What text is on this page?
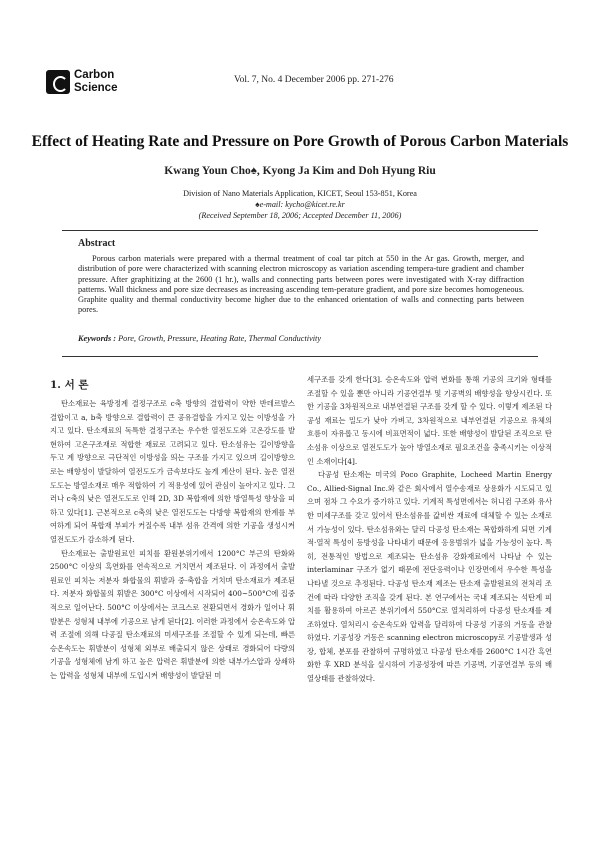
Carbon
Science
Vol. 7, No. 4 December 2006 pp. 271-276
Effect of Heating Rate and Pressure on Pore Growth of Porous Carbon Materials
Kwang Youn Cho♠, Kyong Ja Kim and Doh Hyung Riu
Division of Nano Materials Application, KICET, Seoul 153-851, Korea
♠e-mail: kycho@kicet.re.kr
(Received September 18, 2006; Accepted December 11, 2006)
Abstract
Porous carbon materials were prepared with a thermal treatment of coal tar pitch at 550 in the Ar gas. Growth, merger, and distribution of pore were characterized with scanning electron microscopy as variation ascending tempera-ture gradient and chamber pressure. After graphitizing at the 2600 (1 hr.), walls and connecting parts between pores were investigated with X-ray diffraction patterns. Wall thickness and pore size decreases as increasing ascending tem-perature gradient, and pore size becomes homogeneous. Graphite quality and thermal conductivity become higher due to the enhanced orientation of walls and connecting parts between pores.
Keywords : Pore, Growth, Pressure, Heating Rate, Thermal Conductivity
1. 서 론

탄소재료는 육방정계 결정구조로 c축 방향의 결합력이 약한 반데르발스 결합이고 a, b축 방향으로 결합력이 큰 공유결합을 가지고 있는 이방성을 가지고 있다. 탄소재료의 독특한 결정구조는 우수한 열전도도와 고온강도를 발현하여 고온구조재로 적합한 재료로 고려되고 있다. 탄소섬유는 길이방향을 두고 계 방향으로 극단적인 이방성을 띄는 구조를 가지고 있으며 길이방향으로는 배향성이 발달하여 열전도도가 금속보다도 높게 계산이 된다. 높은 열전도도는 방열소재로 매우 적합하여 기 적용성에 있어 관심이 높아지고 있다. 그러나 c축의 낮은 열전도도로 인해 2D, 3D 복합재에 의한 방열특성 향상을 피하고 있다[1]. 근본적으로 c축의 낮은 열전도도는 다방향 복합재의 한계를 부여하게 되어 복합재 부피가 커질수록 내부 섬유 간격에 의한 기공을 생성시켜 열전도도가 감소하게 된다.

탄소재료는 출발원료인 피치를 환원분위기에서 1200°C 부근의 탄화와 2500°C 이상의 흑연화를 연속적으로 거치면서 제조된다. 이 과정에서 출발원료인 피치는 저분자 화합물의 휘발과 중·축합을 거치며 탄소재료가 제조된다. 저분자 화합물의 휘발은 300°C 이상에서 시작되어 400~500°C에 집중적으로 일어난다. 500°C 이상에서는 코크스로 전환되면서 경화가 일어나 휘발분은 성형체 내부에 기공으로 남게 된다[2]. 이러한 과정에서 승온속도와 압력 조절에 의해 다공질 탄소재료의 미세구조를 조절할 수 있게 되는데, 빠른 승온속도는 휘발분이 성형체 외부로 배출되지 않은 상태로 경화되어 다량의 기공을 성형체에 남게 하고 높은 압력은 휘발분에 의한 내부가스압과 상쇄하는 압력을 성형체 내부에 도입시켜 배향성이 발달된 미

세구조를 갖게 한다[3]. 승온속도와 압력 변화를 통해 기공의 크기와 형태를 조절할 수 있을 뿐만 아니라 기공연결부 및 기공벽의 배향성을 향상시킨다. 또한 기공을 3차원적으로 내부연결된 구조를 갖게 할 수 있다. 이렇게 제조된 다공성 재료는 밀도가 낮아 가벼고, 3차원적으로 내부연결된 기공으로 유체의 흐름이 자유롭고 동시에 비표면적이 넓다. 또한 배향성이 발달된 조직으로 탄소섬유 이상으로 열전도도가 높아 방열소재로 필요조건을 충족시키는 이상적인 소재이다[4].

다공성 탄소재는 미국의 Poco Graphite, Locheed Martin Energy Co., Allied-Signal Inc.와 같은 회사에서 열수송재로 상용화가 시도되고 있으며 점차 그 수요가 증가하고 있다. 기계적 특성면에서는 허니컴 구조와 유사한 미세구조를 갖고 있어서 탄소섬유를 값비싼 재료에 대체할 수 있는 소재로서 가능성이 있다. 탄소섬유와는 달리 다공성 탄소재는 복합화하게 되면 기계적·열적 특성이 등방성을 나타내기 때문에 응용범위가 넓을 가능성이 높다. 특히, 전통적인 방법으로 제조되는 탄소섬유 강화재료에서 나타날 수 있는 interlaminar 구조가 없기 때문에 전단응력이나 인장면에서 우수한 특성을 나타낼 것으로 추정된다. 다공성 탄소재 제조는 탄소재 출발원료의 전처리 조건에 따라 다양한 조직을 갖게 된다. 본 연구에서는 국내 제조되는 석탄계 피치를 활용하여 아르곤 분위기에서 550°C로 열처리하여 다공성 탄소재를 제조하였다. 열처리시 승온속도와 압력을 달리하여 다공성 기공의 거동을 관찰하였다. 기공성장 거동은 scanning electron microscopy로 기공발생과 성장, 합체, 분포를 관찰하여 규명하였고 다공성 탄소재를 2600°C 1시간 흑연화한 후 XRD 분석을 실시하여 기공성장에 따른 기공벽, 기공연결부 등의 배열상태를 관찰하였다.
